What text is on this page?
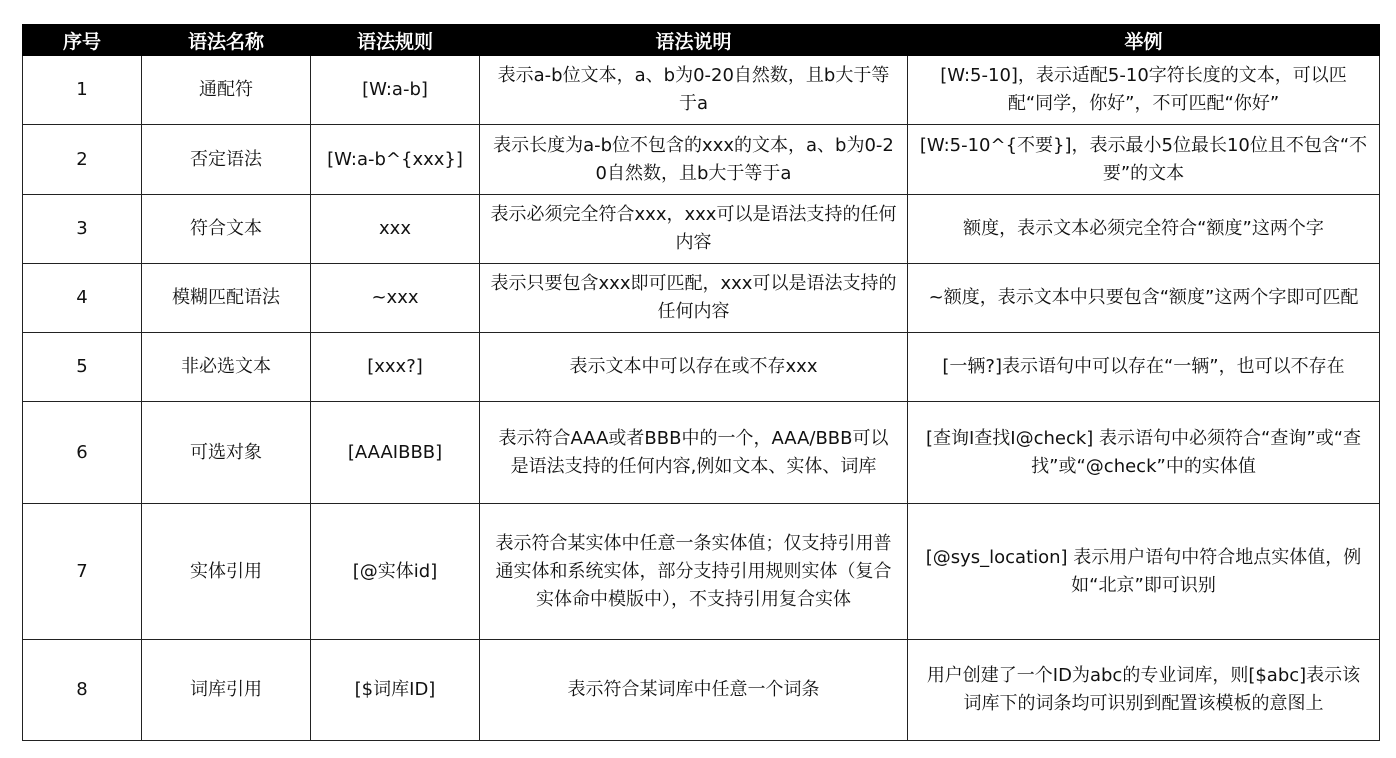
序号	语法名称	语法规则	语法说明	举例
1	通配符	[W:a-b]	表示a-b位文本，a、b为0-20自然数，且b大于等于a	[W:5-10]，表示适配5-10字符长度的文本，可以匹配“同学，你好”，不可匹配“你好”
2	否定语法	[W:a-b^{xxx}]	表示长度为a-b位不包含的xxx的文本，a、b为0-20自然数，且b大于等于a	[W:5-10^{不要}]，表示最小5位最长10位且不包含“不要”的文本
3	符合文本	xxx	表示必须完全符合xxx，xxx可以是语法支持的任何内容	额度，表示文本必须完全符合“额度”这两个字
4	模糊匹配语法	~xxx	表示只要包含xxx即可匹配，xxx可以是语法支持的任何内容	~额度，表示文本中只要包含“额度”这两个字即可匹配
5	非必选文本	[xxx?]	表示文本中可以存在或不存xxx	[一辆?]表示语句中可以存在“一辆”，也可以不存在
6	可选对象	[AAAIBBB]	表示符合AAA或者BBB中的一个，AAA/BBB可以是语法支持的任何内容,例如文本、实体、词库	[查询I查找I@check] 表示语句中必须符合“查询”或“查找”或“@check”中的实体值
7	实体引用	[@实体id]	表示符合某实体中任意一条实体值；仅支持引用普通实体和系统实体，部分支持引用规则实体（复合实体命中模版中），不支持引用复合实体	[@sys_location] 表示用户语句中符合地点实体值，例如“北京”即可识别
8	词库引用	[$词库ID]	表示符合某词库中任意一个词条	用户创建了一个ID为abc的专业词库，则[$abc]表示该词库下的词条均可识别到配置该模板的意图上
